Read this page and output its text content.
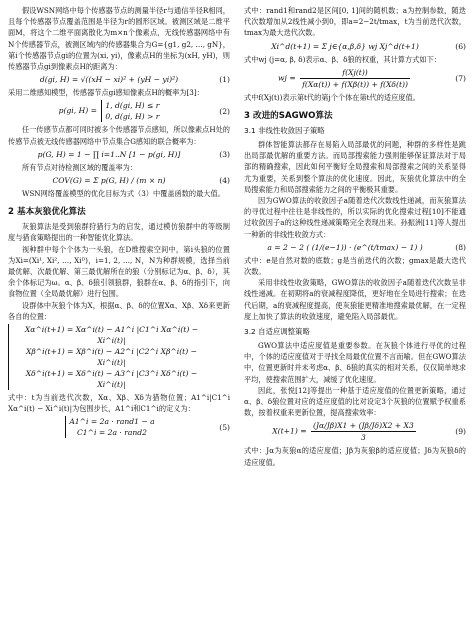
假设WSN网络中每个传感器节点的测量半径r与通信半径R相同，且每个传感器节点覆盖范围是半径为r的圆形区域。被测区域是二维平面M，将这个二维平面离散化为m×n个像素点，无线传感器网络中有N个传感器节点，被测区域内的传感器集合为G={g1, g2, …, gN}，第i个传感器节点gi的位置为(xi, yi)，像素点H的坐标为(xH, yH)，则传感器节点gi到像素点H的距离为：

d(gi, H) = √((xH − xi)² + (yH − yi)²)	(1)

采用二维感知模型，传感器节点gi感知像素点H的概率为[3]：

p(gi, H) =
1, d(gi, H) ≤ r
0, d(gi, H) > r
(2)

任一传感节点都可同时被多个传感器节点感知，所以像素点H处的传感节点被无线传感器网络中节点集合G感知的联合概率为：

p(G, H) = 1 − ∏ i=1..N [1 − p(gi, H)]	(3)

所有节点对待检测区域的覆盖率为：

COV(G) = Σ p(G, H) / (m × n)	(4)

WSN网络覆盖模型的优化目标为式（3）中覆盖函数的最大值。

2 基本灰狼优化算法

灰狼算法是受到狼群狩猎行为的启发，通过模仿狼群中的等级制度与猎食策略提出的一种智能优化算法。

视种群中每个个体为一头狼，在D维搜索空间中，第i头狼的位置为Xi=(Xi¹, Xi², …, Xiᴰ)，i=1, 2, …, N，N为种群规模，选择当前最优解、次最优解、第三最优解所在的狼（分别标记为α、β、δ），其余个体标记为ω。α、β、δ狼引领狼群，狼群在α、β、δ的指引下，向食物位置（全局最优解）进行包围。

设群体中灰狼个体为X，根据α、β、δ的位置Xα、Xβ、Xδ来更新各自的位置：

Xα^i(t+1) = Xα^i(t) − A1^i |C1^i Xα^i(t) − Xi^i(t)|
Xβ^i(t+1) = Xβ^i(t) − A2^i |C2^i Xβ^i(t) − Xi^i(t)|
Xδ^i(t+1) = Xδ^i(t) − A3^i |C3^i Xδ^i(t) − Xi^i(t)|

式中：t为当前迭代次数，Xα、Xβ、Xδ为猎物位置；A1^i|C1^i Xα^i(t) − Xi^i(t)|为包围步长，A1^i和C1^i的定义为：

A1^i = 2a · rand1 − a
C1^i = 2a · rand2
(5)

式中：rand1和rand2是区间[0, 1]间的随机数；a为控制参数，随迭代次数增加从2线性减小到0，即a=2−2t/tmax，t为当前迭代次数，tmax为最大迭代次数。

Xi^d(t+1) = Σ j∈{α,β,δ} wj Xj^d(t+1)	(6)

式中wj (j=α, β, δ)表示α、β、δ狼的权重，其计算方式如下：

wj = $\frac{f(Xj(t))}{f(X\alpha(t)) + f(X\beta(t)) + f(X\delta(t))}$	(7)

式中f(Xj(t))表示第t代的第j个个体在第t代的适应度值。

3 改进的SAGWO算法
3.1 非线性收敛因子策略

群体智能算法都存在易陷入局部最优的问题，种群的多样性是跳出局部最优解的重要方法。而局部搜索能力强则能够保证算法对于局部的精确搜索，因此如何平衡好全局搜索和局部搜索之间的关系显得尤为重要，关系到整个算法的优化速度。因此，灰狼优化算法中的全局搜索能力和局部搜索能力之间的平衡极其重要。

因为GWO算法的收敛因子a随着迭代次数线性递减，而灰狼算法的寻优过程中往往是非线性的，所以实际的优化搜索过程[10]不能通过收敛因子a的这种线性递减策略完全表现出来。孙振洲[11]等人提出一种新的非线性收敛方式：

a = 2 − 2 ( (1/(e−1)) · (e^(t/tmax) − 1) )	(8)

式中：e是自然对数的底数；g是当前迭代的次数；gmax是最大迭代次数。

采用非线性收敛策略，GWO算法的收敛因子a随着迭代次数呈非线性递减。在初期将a的衰减程度降低，更好地在全局进行搜索；在迭代后期，a的衰减程度提高，使灰狼能更精准地搜索最优解，在一定程度上加快了算法的收敛速度，避免陷入局部最优。

3.2 自适应调整策略

GWO算法中适应度值是重要参数。在灰狼个体进行寻优的过程中，个体的适应度值对于寻找全局最优位置不言而喻。但在GWO算法中，位置更新时并未考虑α、β、δ狼的真实的相对关系，仅仅简单地求平均，使搜索范围扩大，减缓了优化速度。

因此，张悦[12]等提出一种基于适应度值的位置更新策略，通过α、β、δ狼位置对应的适应度值的比对设定3个灰狼的位置赋予权重系数，按着权重来更新位置，提高搜索效率：

$X(t+1) = \frac{(J\alpha/J\beta)X1 + (J\beta/J\delta)X2 + X3}{3}$	(9)

式中：Jα为灰狼α的适应度值；Jβ为灰狼β的适应度值；Jδ为灰狼δ的适应度值。
